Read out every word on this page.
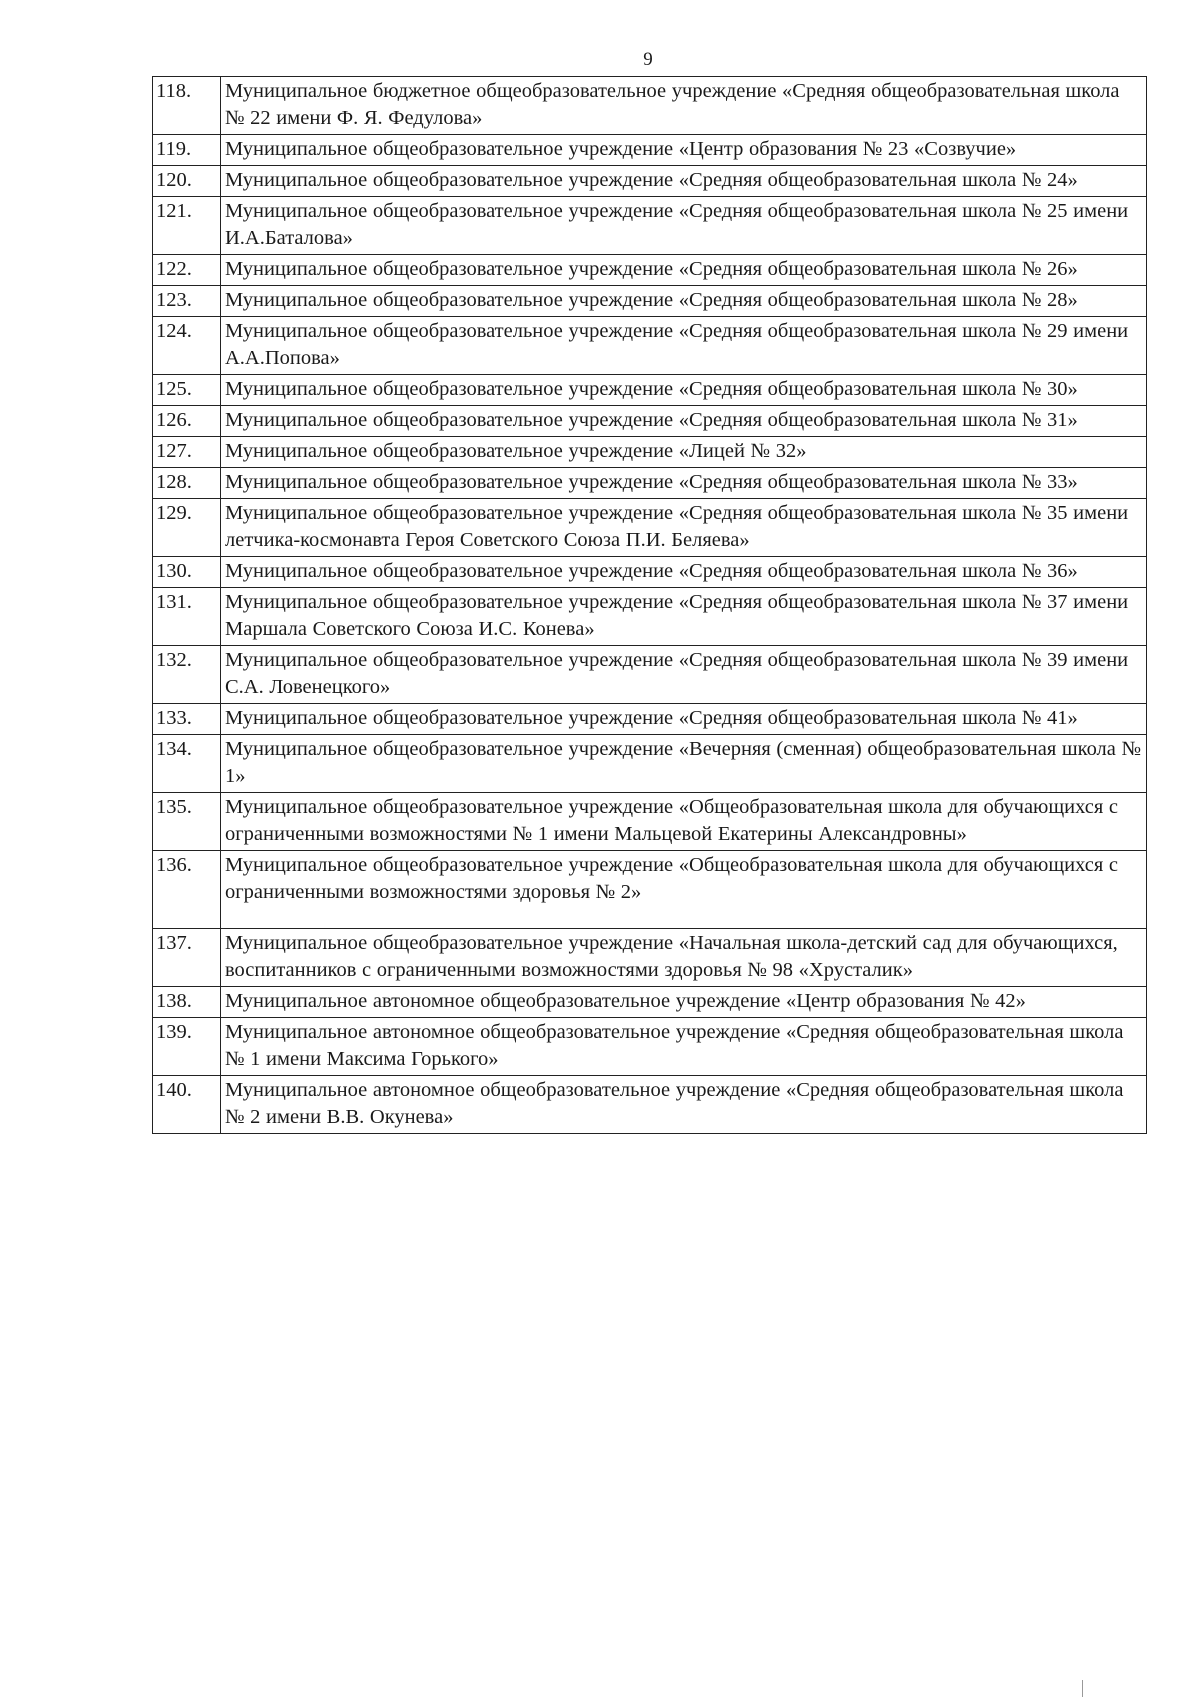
9
118.	Муниципальное бюджетное общеобразовательное учреждение «Средняя общеобразовательная школа № 22 имени Ф. Я. Федулова»
119.	Муниципальное общеобразовательное учреждение «Центр образования № 23 «Созвучие»
120.	Муниципальное общеобразовательное учреждение «Средняя общеобразовательная школа № 24»
121.	Муниципальное общеобразовательное учреждение «Средняя общеобразовательная школа № 25 имени И.А.Баталова»
122.	Муниципальное общеобразовательное учреждение «Средняя общеобразовательная школа № 26»
123.	Муниципальное общеобразовательное учреждение «Средняя общеобразовательная школа № 28»
124.	Муниципальное общеобразовательное учреждение «Средняя общеобразовательная школа № 29 имени А.А.Попова»
125.	Муниципальное общеобразовательное учреждение «Средняя общеобразовательная школа № 30»
126.	Муниципальное общеобразовательное учреждение «Средняя общеобразовательная школа № 31»
127.	Муниципальное общеобразовательное учреждение «Лицей № 32»
128.	Муниципальное общеобразовательное учреждение «Средняя общеобразовательная школа № 33»
129.	Муниципальное общеобразовательное учреждение «Средняя общеобразовательная школа № 35 имени летчика-космонавта Героя Советского Союза П.И. Беляева»
130.	Муниципальное общеобразовательное учреждение «Средняя общеобразовательная школа № 36»
131.	Муниципальное общеобразовательное учреждение «Средняя общеобразовательная школа № 37 имени Маршала Советского Союза И.С. Конева»
132.	Муниципальное общеобразовательное учреждение «Средняя общеобразовательная школа № 39 имени С.А. Ловенецкого»
133.	Муниципальное общеобразовательное учреждение «Средняя общеобразовательная школа № 41»
134.	Муниципальное общеобразовательное учреждение «Вечерняя (сменная) общеобразовательная школа № 1»
135.	Муниципальное общеобразовательное учреждение «Общеобразовательная школа для обучающихся с ограниченными возможностями № 1 имени Мальцевой Екатерины Александровны»
136.	Муниципальное общеобразовательное учреждение «Общеобразовательная школа для обучающихся с ограниченными возможностями здоровья № 2»
137.	Муниципальное общеобразовательное учреждение «Начальная школа-детский сад для обучающихся, воспитанников с ограниченными возможностями здоровья № 98 «Хрусталик»
138.	Муниципальное автономное общеобразовательное учреждение «Центр образования № 42»
139.	Муниципальное автономное общеобразовательное учреждение «Средняя общеобразовательная школа № 1 имени Максима Горького»
140.	Муниципальное автономное общеобразовательное учреждение «Средняя общеобразовательная школа № 2 имени В.В. Окунева»
